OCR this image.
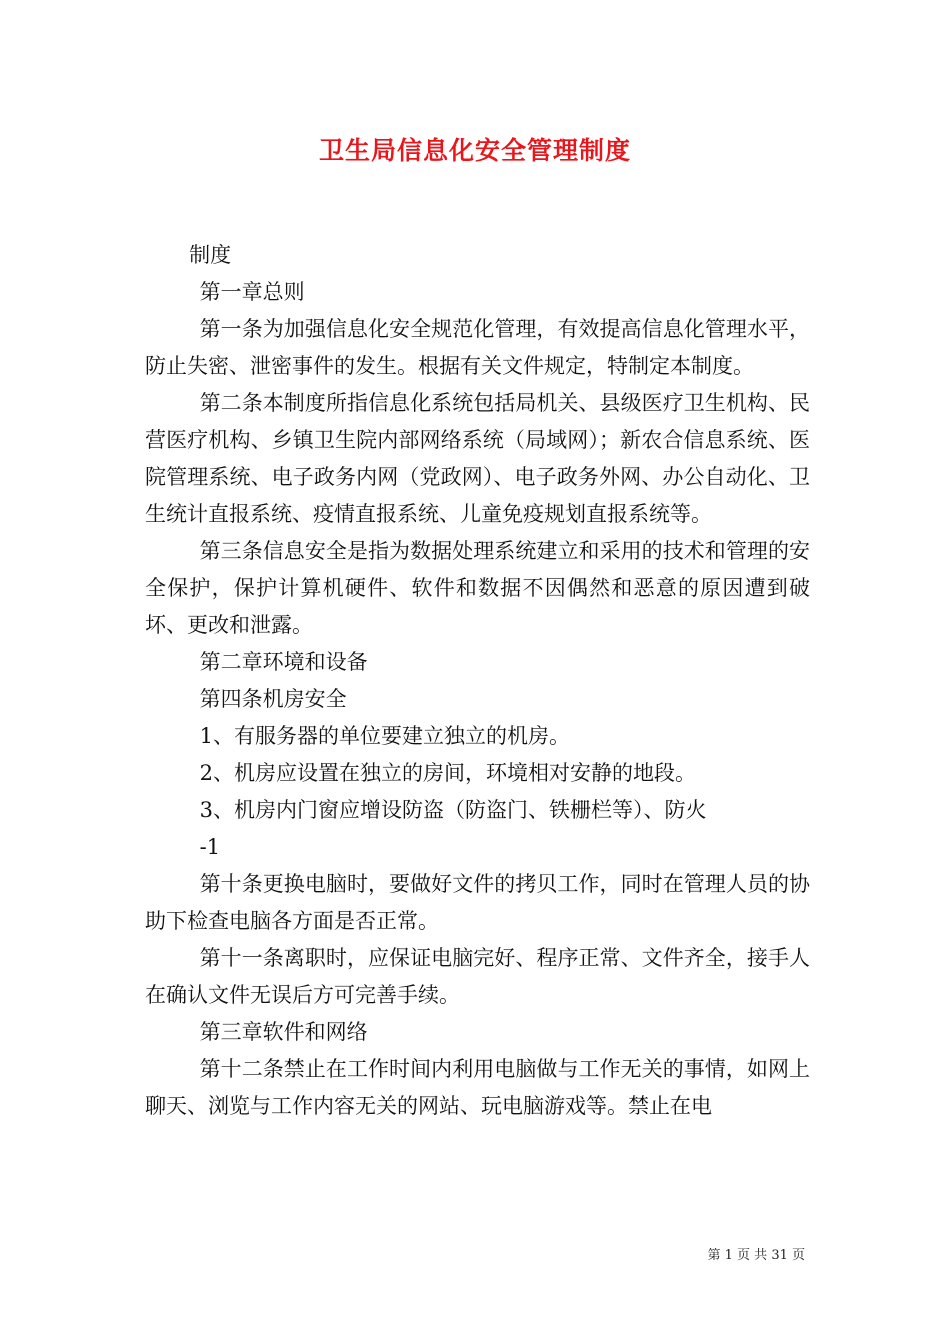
卫生局信息化安全管理制度

制度

第一章总则

第一条为加强信息化安全规范化管理，有效提高信息化管理水平，防止失密、泄密事件的发生。根据有关文件规定，特制定本制度。

第二条本制度所指信息化系统包括局机关、县级医疗卫生机构、民营医疗机构、乡镇卫生院内部网络系统（局域网）；新农合信息系统、医院管理系统、电子政务内网（党政网）、电子政务外网、办公自动化、卫生统计直报系统、疫情直报系统、儿童免疫规划直报系统等。

第三条信息安全是指为数据处理系统建立和采用的技术和管理的安全保护，保护计算机硬件、软件和数据不因偶然和恶意的原因遭到破坏、更改和泄露。

第二章环境和设备

第四条机房安全

1、有服务器的单位要建立独立的机房。

2、机房应设置在独立的房间，环境相对安静的地段。

3、机房内门窗应增设防盗（防盗门、铁栅栏等）、防火

-1

第十条更换电脑时，要做好文件的拷贝工作，同时在管理人员的协助下检查电脑各方面是否正常。

第十一条离职时，应保证电脑完好、程序正常、文件齐全，接手人在确认文件无误后方可完善手续。

第三章软件和网络

第十二条禁止在工作时间内利用电脑做与工作无关的事情，如网上聊天、浏览与工作内容无关的网站、玩电脑游戏等。禁止在电

第 1 页 共 31 页
